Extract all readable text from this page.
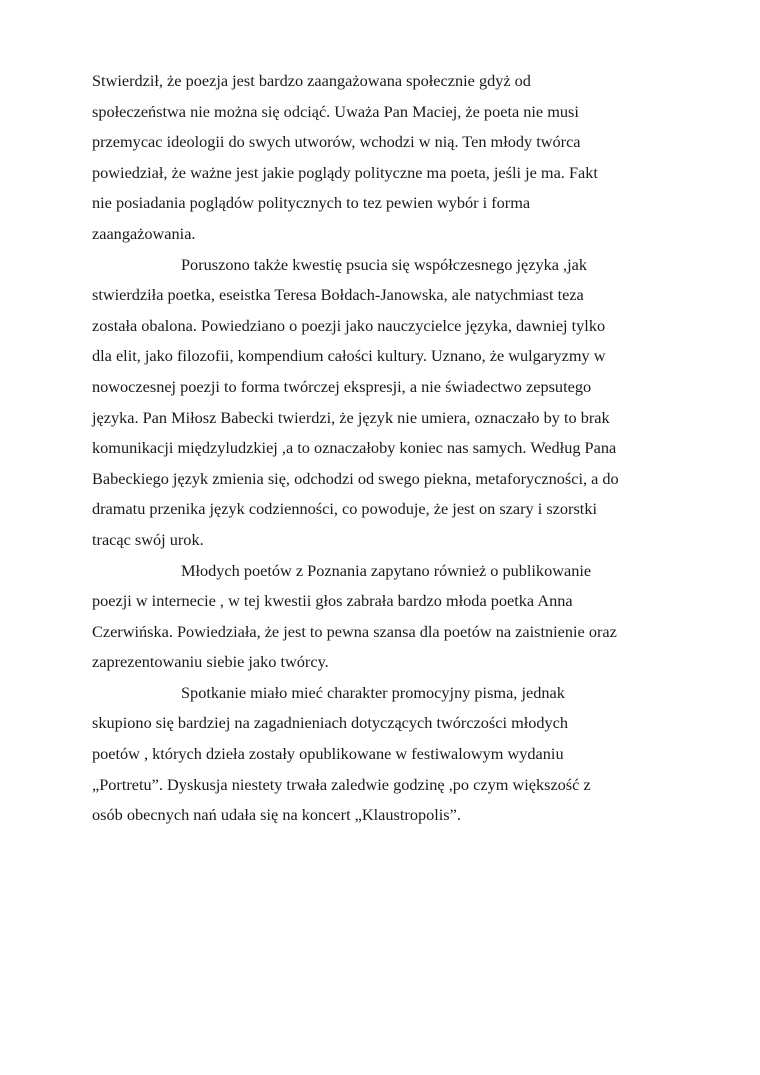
Stwierdził, że poezja jest bardzo zaangażowana społecznie gdyż od
społeczeństwa nie można się odciąć. Uważa Pan Maciej, że poeta nie musi
przemycac ideologii do swych utworów, wchodzi w nią. Ten młody twórca
powiedział, że ważne jest jakie poglądy polityczne ma poeta, jeśli je ma. Fakt
nie posiadania poglądów politycznych to tez pewien wybór i forma
zaangażowania.
Poruszono także kwestię psucia się współczesnego języka ,jak
stwierdziła poetka, eseistka Teresa Bołdach-Janowska, ale natychmiast teza
została obalona. Powiedziano o poezji jako nauczycielce języka, dawniej tylko
dla elit, jako filozofii, kompendium całości kultury. Uznano, że wulgaryzmy w
nowoczesnej poezji to forma twórczej ekspresji, a nie świadectwo zepsutego
języka. Pan Miłosz Babecki twierdzi, że język nie umiera, oznaczało by to brak
komunikacji międzyludzkiej ,a to oznaczałoby koniec nas samych. Według Pana
Babeckiego język zmienia się, odchodzi od swego piekna, metaforyczności, a do
dramatu przenika język codzienności, co powoduje, że jest on szary i szorstki
tracąc swój urok.
Młodych poetów z Poznania zapytano również o publikowanie
poezji w internecie , w tej kwestii głos zabrała bardzo młoda poetka Anna
Czerwińska. Powiedziała, że jest to pewna szansa dla poetów na zaistnienie oraz
zaprezentowaniu siebie jako twórcy.
Spotkanie miało mieć charakter promocyjny pisma, jednak
skupiono się bardziej na zagadnieniach dotyczących twórczości młodych
poetów , których dzieła zostały opublikowane w festiwalowym wydaniu
„Portretu”. Dyskusja niestety trwała zaledwie godzinę ,po czym większość z
osób obecnych nań udała się na koncert „Klaustropolis”.
